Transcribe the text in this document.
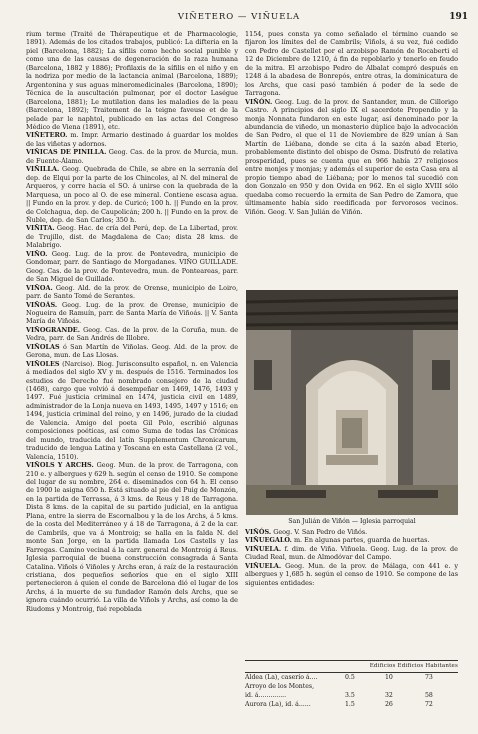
VIÑETERO — VIÑUELA	191

rium terme (Traité de Thérapeutique et de Pharmacologie, 1891). Además de los citados trabajos, publicó: La difteria en la piel (Barcelona, 1882); La sífilis como hecho social punible y como una de las causas de degeneración de la raza humana (Barcelona, 1882 y 1886); Profilaxis de la sífilis en el niño y en la nodriza por medio de la lactancia animal (Barcelona, 1889); Argentonina y sus aguas mineromedicinales (Barcelona, 1890); Técnica de la auscultación pulmonar, por el doctor Laségue (Barcelona, 1881); Le mutilation dans les maladies de la peau (Barcelona, 1892); Traitement de la teigne faveuse et de la pelade par le naphtol, publicado en las actas del Congreso Médico de Viena (1891), etc.

VIÑETERO. m. Impr. Armario destinado á guardar los moldes de las viñetas y adornos.

VIÑICAS DE PINILLA. Geog. Cas. de la prov. de Murcia, mun. de Fuente-Álamo.

VIÑILLA. Geog. Quebrada de Chile, se abre en la serranía del dep. de Elqui por la parte de los Chincoles, al N. del mineral de Arqueros, y corre hacia el SO. á unirse con la quebrada de la Marquesa, un poco al O. de ese mineral. Contiene escasa agua. || Fundo en la prov. y dep. de Curicó; 100 h. || Fundo en la prov. de Colchagua, dep. de Caupolicán; 200 h. || Fundo en la prov. de Ñuble, dep. de San Carlos; 350 h.

VIÑITA. Geog. Hac. de cría del Perú, dep. de La Libertad, prov. de Trujillo, dist. de Magdalena de Cao; dista 28 kms. de Malabrigo.

VIÑO. Geog. Lug. de la prov. de Pontevedra, municipio de Gondomar, parr. de Santiago de Morgadanes. VIÑO GUILLADE. Geog. Cas. de la prov. de Pontevedra, mun. de Ponteareas, parr. de San Miguel de Guillade.

VIÑOA. Geog. Ald. de la prov. de Orense, municipio de Loiro, parr. de Santo Tomé de Serantes.

VIÑOÁS. Geog. Lug. de la prov. de Orense, municipio de Nogueira de Ramuín, parr. de Santa María de Viñoás. || V. Santa María de Viñoás.

VIÑOGRANDE. Geog. Cas. de la prov. de la Coruña, mun. de Vedra, parr. de San Andrés de Illobre.

VIÑOLAS ó San Martín de Viñolas. Geog. Ald. de la prov. de Gerona, mun. de Las Llosas.

VIÑOLES (Narciso). Biog. Jurisconsulto español, n. en Valencia á mediados del siglo XV y m. después de 1516. Terminados los estudios de Derecho fué nombrado consejero de la ciudad (1468), cargo que volvió á desempeñar en 1469, 1476, 1493 y 1497. Fué justicia criminal en 1474, justicia civil en 1489, administrador de la Lonja nueva en 1493, 1495, 1497 y 1516; en 1494, justicia criminal del reino, y en 1496, jurado de la ciudad de Valencia. Amigo del poeta Gil Polo, escribió algunas composiciones poéticas, así como Suma de todas las Crónicas del mundo, traducida del latín Supplementum Chronicarum, traducido de lengua Latina y Toscana en esta Castellana (2 vol., Valencia, 1510).

VIÑOLS Y ARCHS. Geog. Mun. de la prov. de Tarragona, con 210 e. y albergues y 629 h. según el censo de 1910. Se compone del lugar de su nombre, 264 e. diseminados con 64 h. El censo de 1900 le asigna 650 h. Está situado al pie del Puig de Monzón, en la partida de Terrassa, á 3 kms. de Reus y 18 de Tarragona. Dista 8 kms. de la capital de su partido judicial, en la antigua Plana, entre la sierra de Escornalbou y la de los Archs, á 5 kms. de la costa del Mediterráneo y á 18 de Tarragona, á 2 de la car. de Cambrils, que va á Montroig; se halla en la falda N. del monte San Jorge, en la partida llamada Los Castells y las Farregas. Camino vecinal á la carr. general de Montroig á Reus. Iglesia parroquial de buena construcción consagrada á Santa Catalina. Viñols ó Viñoles y Archs eran, á raíz de la restauración cristiana, dos pequeños señoríos que en el siglo XIII pertenecieron á quien el conde de Barcelona dió el lugar de los Archs, á la muerte de su fundador Ramón dels Archs, que se ignora cuándo ocurrió. La villa de Viñols y Archs, así como la de Riudoms y Montroig, fué repoblada

1154, pues consta ya como señalado el término cuando se fijaron los límites del de Cambrils; Viñols, á su vez, fué cedido con Pedro de Castellet por el arzobispo Ramón de Rocaberti el 12 de Diciembre de 1210, á fin de repoblarlo y tenerlo en feudo de la mitra. El arzobispo Pedro de Albalat compró después en 1248 á la abadesa de Bonrepós, entre otras, la dominicatura de los Archs, que casi pasó también á poder de la sede de Tarragona.

VIÑÓN. Geog. Lug. de la prov. de Santander, mun. de Cillorigo Castro. A principios del siglo IX el sacerdote Propendio y la monja Nonnata fundaron en este lugar, así denominado por la abundancia de viñedo, un monasterio dúplice bajo la advocación de San Pedro, el que el 11 de Noviembre de 829 unían á San Martín de Liébana, donde se cita á la sazón abad Eterio, probablemente distinto del obispo de Osma. Disfrutó de relativa prosperidad, pues se cuenta que en 966 había 27 religiosos entre monjes y monjas; y además el superior de esta Casa era al propio tiempo abad de Liébana; por lo menos tal sucedió con don Gonzalo en 950 y don Ovida en 962. En el siglo XVIII sólo quedaba como recuerdo la ermita de San Pedro de Zamora, que últimamente había sido reedificada por fervorosos vecinos. Viñón. Geog. V. San Julián de Viñón.

San Julián de Viñón — Iglesia parroquial

VIÑÓS. Geog. V. San Pedro de Viñós.

VIÑUEGALO. m. En algunas partes, guarda de huertas.

VIÑUELA. f. dim. de Viña. Viñuela. Geog. Lug. de la prov. de Ciudad Real, mun. de Almodóvar del Campo.

VIÑUELA. Geog. Mun. de la prov. de Málaga, con 441 e. y albergues y 1,685 h. según el censo de 1910. Se compone de las siguientes entidades:

Edificios Edificios Habitantes
Aldea (La), caserío á....	0.5	10	73
Arroyo de los Montes,
id. á..............	3.5	32	58
Aurora (La), id. á......	1.5	26	72
